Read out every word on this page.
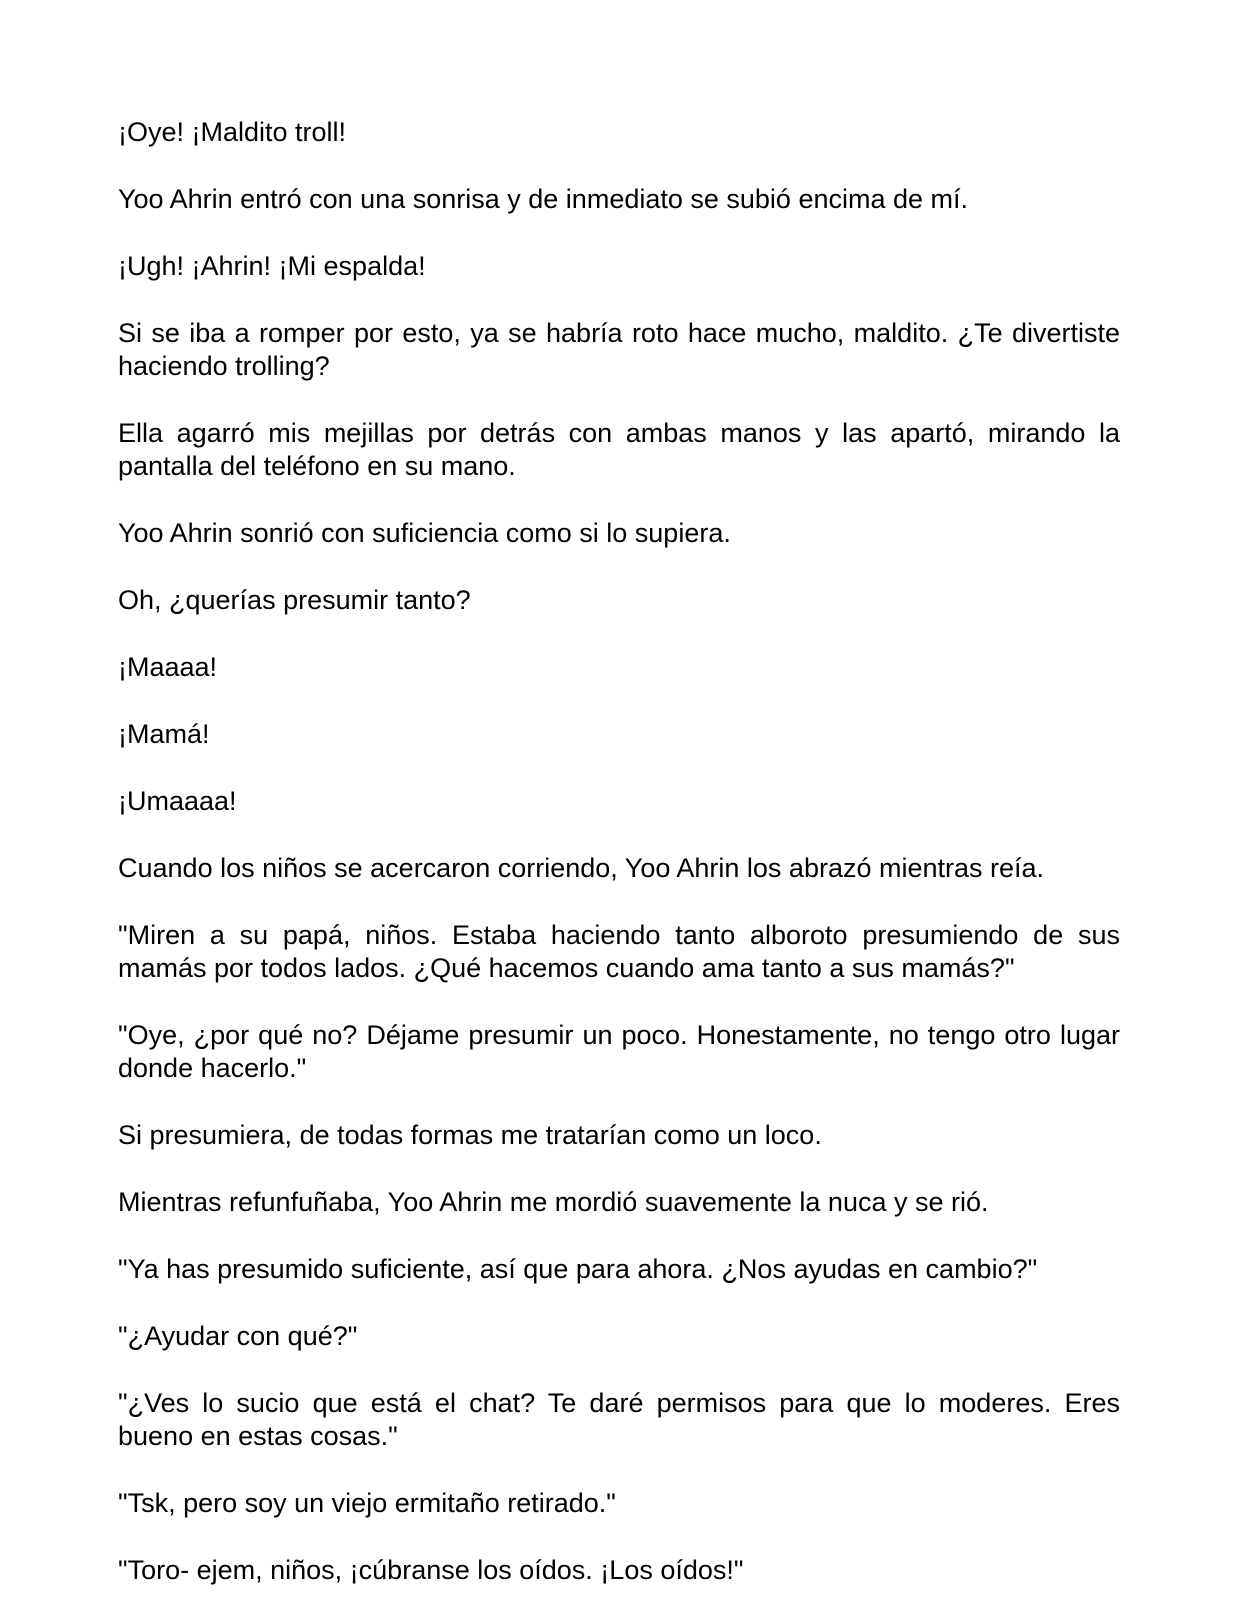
¡Oye! ¡Maldito troll!

Yoo Ahrin entró con una sonrisa y de inmediato se subió encima de mí.

¡Ugh! ¡Ahrin! ¡Mi espalda!

Si se iba a romper por esto, ya se habría roto hace mucho, maldito. ¿Te divertiste haciendo trolling?

Ella agarró mis mejillas por detrás con ambas manos y las apartó, mirando la pantalla del teléfono en su mano.

Yoo Ahrin sonrió con suficiencia como si lo supiera.

Oh, ¿querías presumir tanto?

¡Maaaa!

¡Mamá!

¡Umaaaa!

Cuando los niños se acercaron corriendo, Yoo Ahrin los abrazó mientras reía.

"Miren a su papá, niños. Estaba haciendo tanto alboroto presumiendo de sus mamás por todos lados. ¿Qué hacemos cuando ama tanto a sus mamás?"

"Oye, ¿por qué no? Déjame presumir un poco. Honestamente, no tengo otro lugar donde hacerlo."

Si presumiera, de todas formas me tratarían como un loco.

Mientras refunfuñaba, Yoo Ahrin me mordió suavemente la nuca y se rió.

"Ya has presumido suficiente, así que para ahora. ¿Nos ayudas en cambio?"

"¿Ayudar con qué?"

"¿Ves lo sucio que está el chat? Te daré permisos para que lo moderes. Eres bueno en estas cosas."

"Tsk, pero soy un viejo ermitaño retirado."

"Toro- ejem, niños, ¡cúbranse los oídos. ¡Los oídos!"
